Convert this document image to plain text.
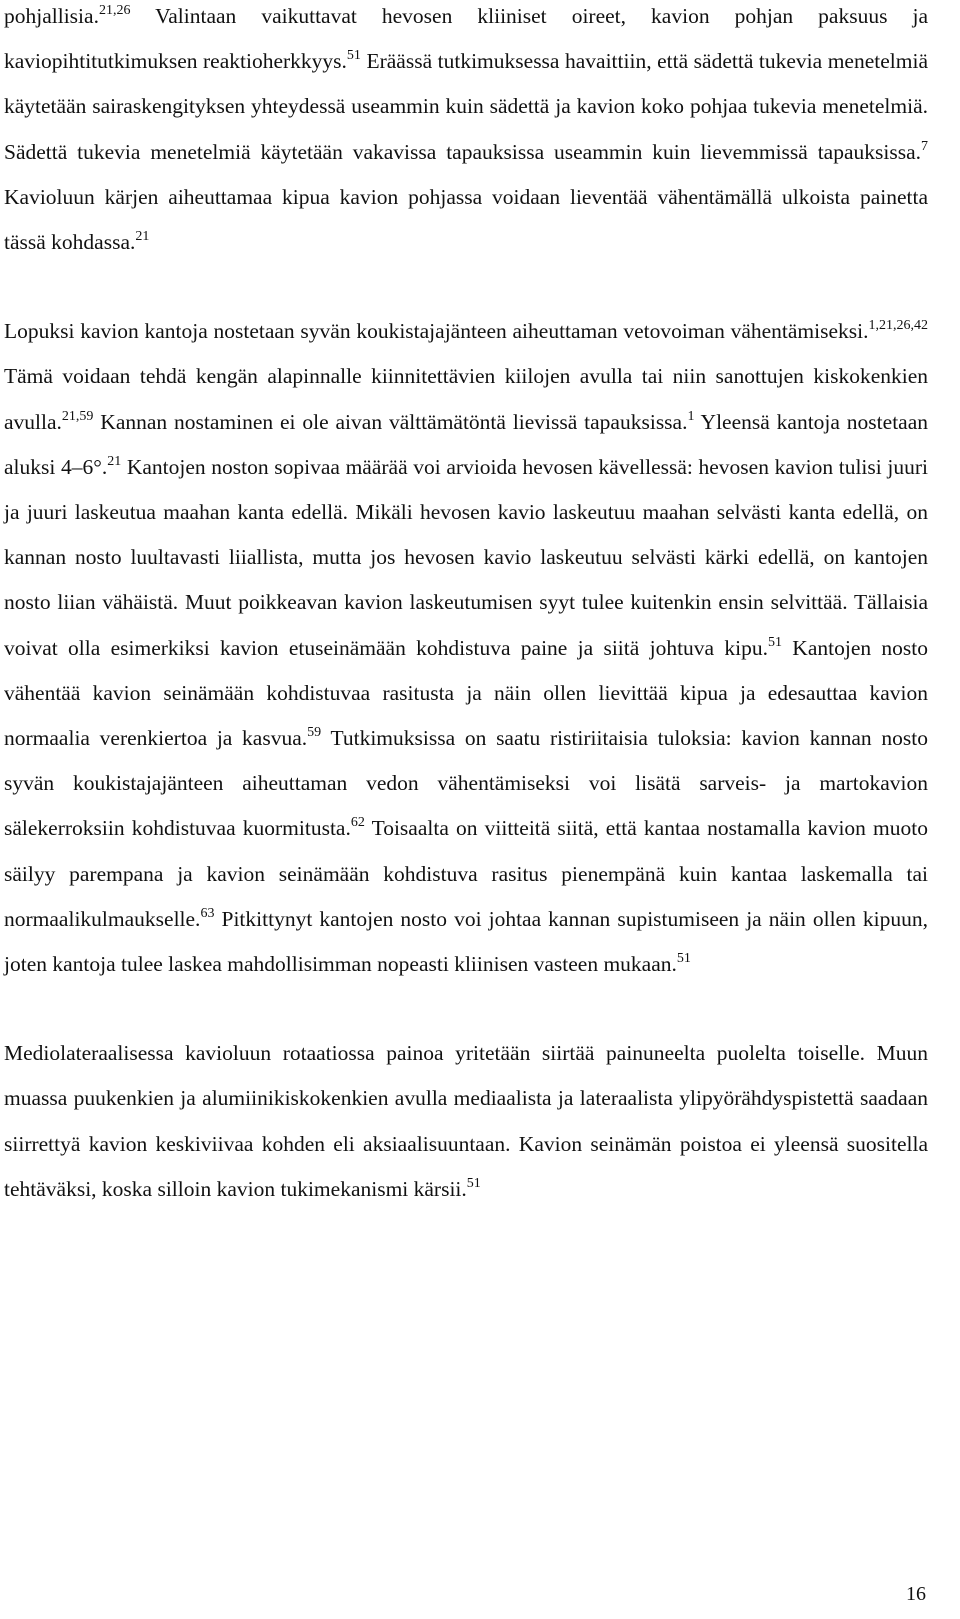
pohjallisia.$^{21,26}$ Valintaan vaikuttavat hevosen kliiniset oireet, kavion pohjan paksuus ja kaviopihtitutkimuksen reaktioherkkyys.$^{51}$ Eräässä tutkimuksessa havaittiin, että sädettä tukevia menetelmiä käytetään sairaskengityksen yhteydessä useammin kuin sädettä ja kavion koko pohjaa tukevia menetelmiä. Sädettä tukevia menetelmiä käytetään vakavissa tapauksissa useammin kuin lievemmissä tapauksissa.$^7$ Kavioluun kärjen aiheuttamaa kipua kavion pohjassa voidaan lieventää vähentämällä ulkoista painetta tässä kohdassa.$^{21}$

Lopuksi kavion kantoja nostetaan syvän koukistajajänteen aiheuttaman vetovoiman vähentämiseksi.$^{1,21,26,42}$ Tämä voidaan tehdä kengän alapinnalle kiinnitettävien kiilojen avulla tai niin sanottujen kiskokenkien avulla.$^{21,59}$ Kannan nostaminen ei ole aivan välttämätöntä lievissä tapauksissa.$^1$ Yleensä kantoja nostetaan aluksi 4–6°.$^{21}$ Kantojen noston sopivaa määrää voi arvioida hevosen kävellessä: hevosen kavion tulisi juuri ja juuri laskeutua maahan kanta edellä. Mikäli hevosen kavio laskeutuu maahan selvästi kanta edellä, on kannan nosto luultavasti liiallista, mutta jos hevosen kavio laskeutuu selvästi kärki edellä, on kantojen nosto liian vähäistä. Muut poikkeavan kavion laskeutumisen syyt tulee kuitenkin ensin selvittää. Tällaisia voivat olla esimerkiksi kavion etuseinämään kohdistuva paine ja siitä johtuva kipu.$^{51}$ Kantojen nosto vähentää kavion seinämään kohdistuvaa rasitusta ja näin ollen lievittää kipua ja edesauttaa kavion normaalia verenkiertoa ja kasvua.$^{59}$ Tutkimuksissa on saatu ristiriitaisia tuloksia: kavion kannan nosto syvän koukistajajänteen aiheuttaman vedon vähentämiseksi voi lisätä sarveis- ja martokavion sälekerroksiin kohdistuvaa kuormitusta.$^{62}$ Toisaalta on viitteitä siitä, että kantaa nostamalla kavion muoto säilyy parempana ja kavion seinämään kohdistuva rasitus pienempänä kuin kantaa laskemalla tai normaalikulmaukselle.$^{63}$ Pitkittynyt kantojen nosto voi johtaa kannan supistumiseen ja näin ollen kipuun, joten kantoja tulee laskea mahdollisimman nopeasti kliinisen vasteen mukaan.$^{51}$

Mediolateraalisessa kavioluun rotaatiossa painoa yritetään siirtää painuneelta puolelta toiselle. Muun muassa puukenkien ja alumiinikiskokenkien avulla mediaalista ja lateraalista ylipyörähdyspistettä saadaan siirrettyä kavion keskiviivaa kohden eli aksiaalisuuntaan. Kavion seinämän poistoa ei yleensä suositella tehtäväksi, koska silloin kavion tukimekanismi kärsii.$^{51}$

16
